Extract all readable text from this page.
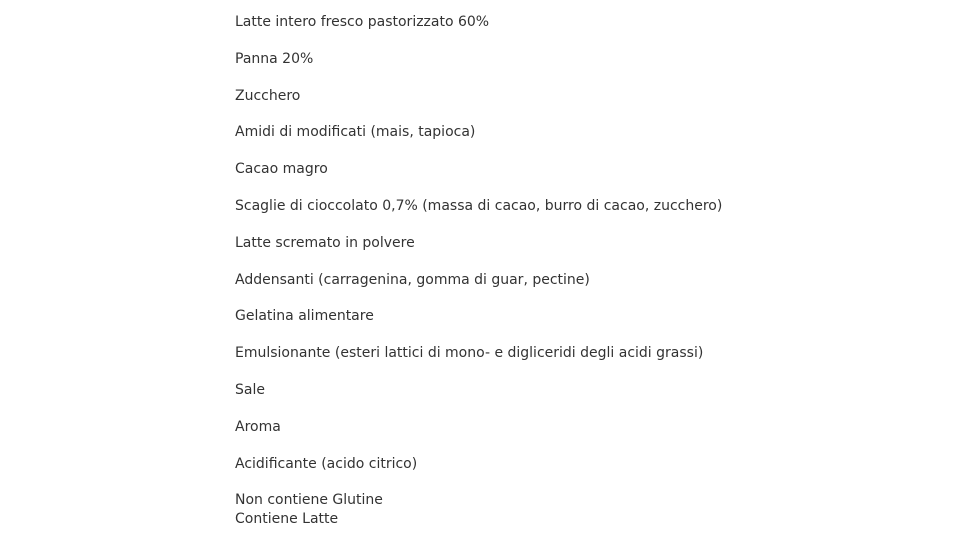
Latte intero fresco pastorizzato 60%
Panna 20%
Zucchero
Amidi di modificati (mais, tapioca)
Cacao magro
Scaglie di cioccolato 0,7% (massa di cacao, burro di cacao, zucchero)
Latte scremato in polvere
Addensanti (carragenina, gomma di guar, pectine)
Gelatina alimentare
Emulsionante (esteri lattici di mono- e digliceridi degli acidi grassi)
Sale
Aroma
Acidificante (acido citrico)
Non contiene Glutine
Contiene Latte
